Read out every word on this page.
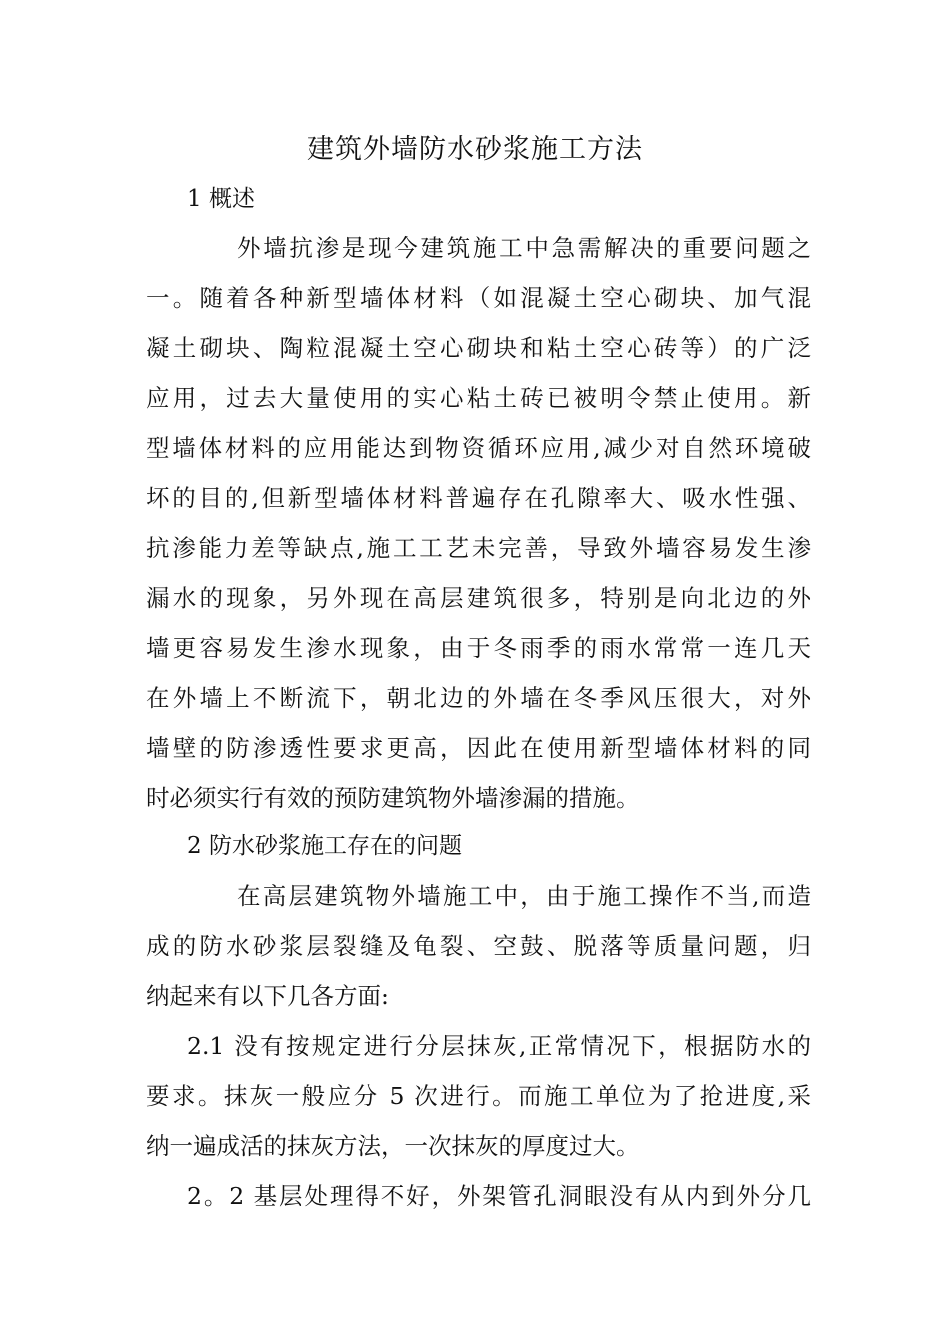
建筑外墙防水砂浆施工方法
1 概述
外墙抗渗是现今建筑施工中急需解决的重要问题之
一。随着各种新型墙体材料（如混凝土空心砌块、加气混
凝土砌块、陶粒混凝土空心砌块和粘土空心砖等）的广泛
应用，过去大量使用的实心粘土砖已被明令禁止使用。新
型墙体材料的应用能达到物资循环应用,减少对自然环境破
坏的目的,但新型墙体材料普遍存在孔隙率大、吸水性强、
抗渗能力差等缺点,施工工艺未完善，导致外墙容易发生渗
漏水的现象，另外现在高层建筑很多，特别是向北边的外
墙更容易发生渗水现象，由于冬雨季的雨水常常一连几天
在外墙上不断流下，朝北边的外墙在冬季风压很大，对外
墙壁的防渗透性要求更高，因此在使用新型墙体材料的同
时必须实行有效的预防建筑物外墙渗漏的措施。
2 防水砂浆施工存在的问题
在高层建筑物外墙施工中，由于施工操作不当,而造
成的防水砂浆层裂缝及龟裂、空鼓、脱落等质量问题，归
纳起来有以下几各方面:
2.1 没有按规定进行分层抹灰,正常情况下，根据防水的
要求。抹灰一般应分 5 次进行。而施工单位为了抢进度,采
纳一遍成活的抹灰方法，一次抹灰的厚度过大。
2。2 基层处理得不好，外架管孔洞眼没有从内到外分几
